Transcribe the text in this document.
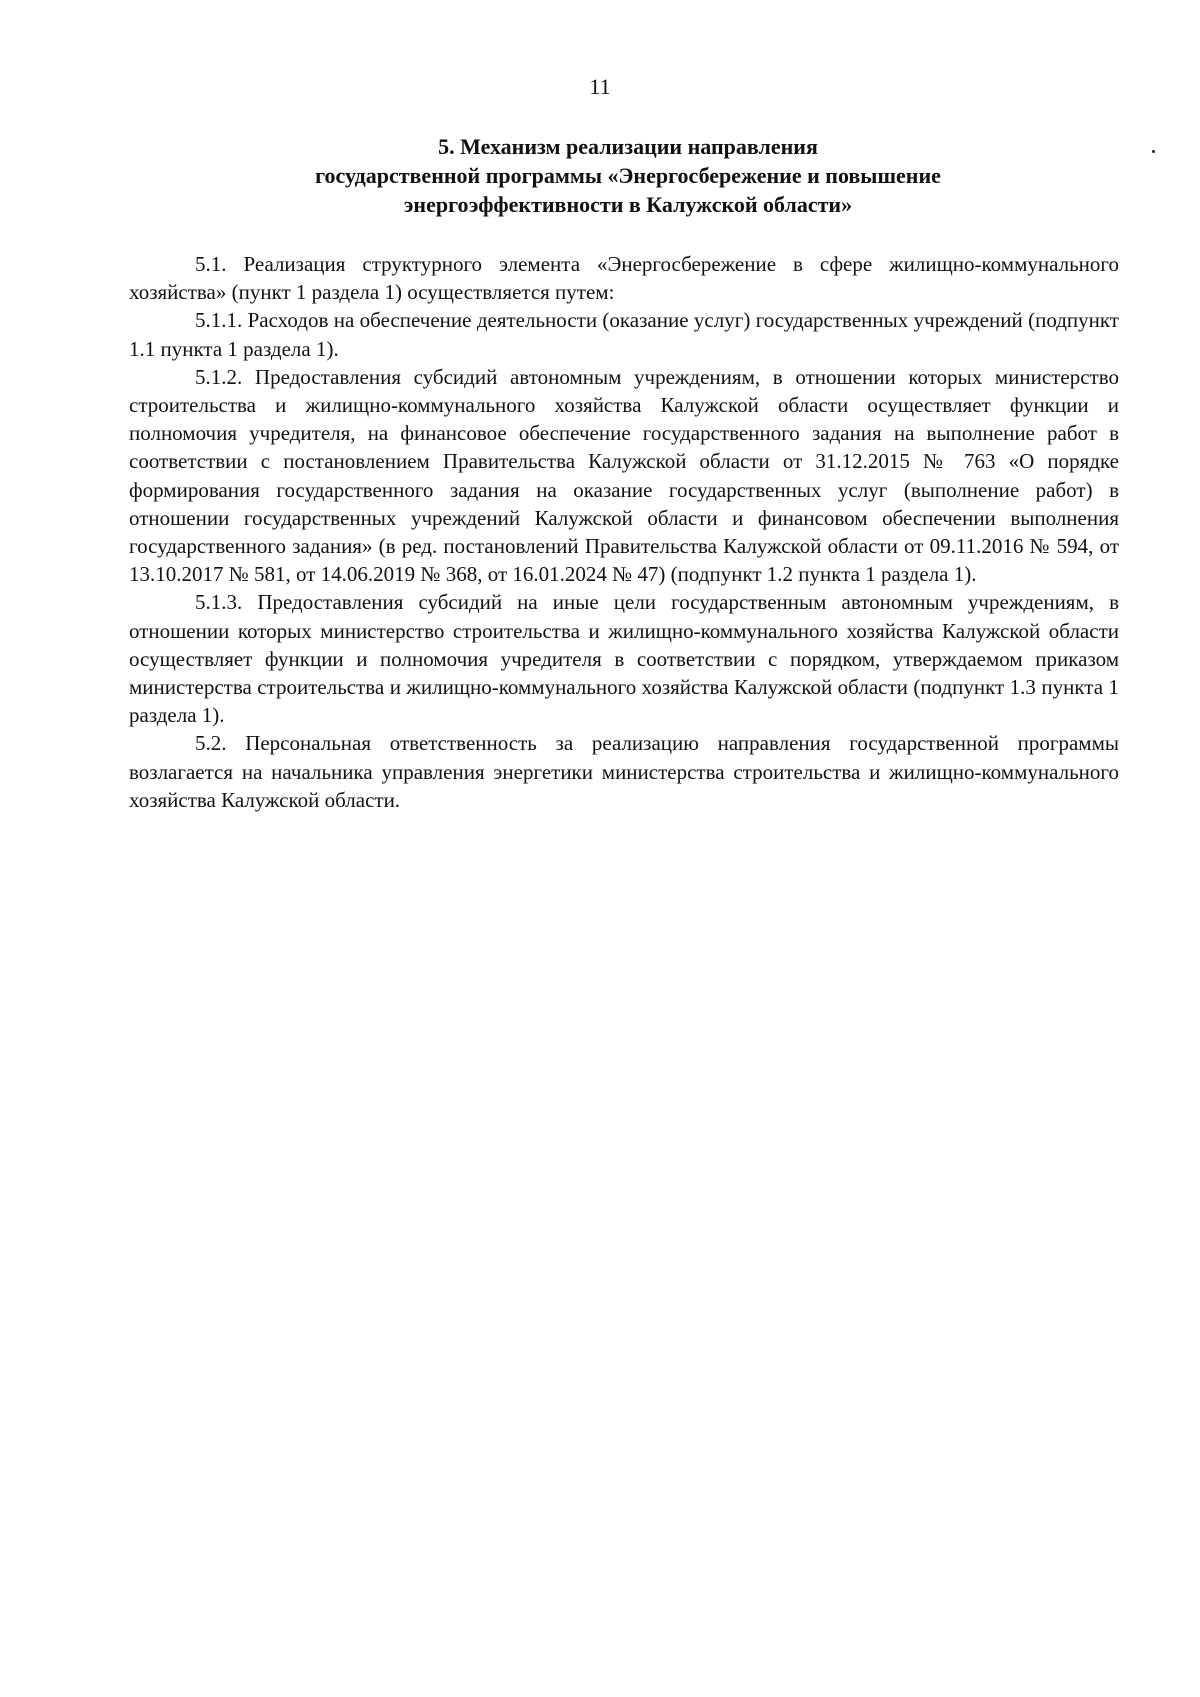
11
5. Механизм реализации направления
государственной программы «Энергосбережение и повышение
энергоэффективности в Калужской области»

5.1. Реализация структурного элемента «Энергосбережение в сфере жилищно-коммунального хозяйства» (пункт 1 раздела 1) осуществляется путем:

5.1.1. Расходов на обеспечение деятельности (оказание услуг) государственных учреждений (подпункт 1.1 пункта 1 раздела 1).

5.1.2. Предоставления субсидий автономным учреждениям, в отношении которых министерство строительства и жилищно-коммунального хозяйства Калужской области осуществляет функции и полномочия учредителя, на финансовое обеспечение государственного задания на выполнение работ в соответствии с постановлением Правительства Калужской области от 31.12.2015 № 763 «О порядке формирования государственного задания на оказание государственных услуг (выполнение работ) в отношении государственных учреждений Калужской области и финансовом обеспечении выполнения государственного задания» (в ред. постановлений Правительства Калужской области от 09.11.2016 № 594, от 13.10.2017 № 581, от 14.06.2019 № 368, от 16.01.2024 № 47) (подпункт 1.2 пункта 1 раздела 1).

5.1.3. Предоставления субсидий на иные цели государственным автономным учреждениям, в отношении которых министерство строительства и жилищно-коммунального хозяйства Калужской области осуществляет функции и полномочия учредителя в соответствии с порядком, утверждаемом приказом министерства строительства и жилищно-коммунального хозяйства Калужской области (подпункт 1.3 пункта 1 раздела 1).

5.2. Персональная ответственность за реализацию направления государственной программы возлагается на начальника управления энергетики министерства строительства и жилищно-коммунального хозяйства Калужской области.
